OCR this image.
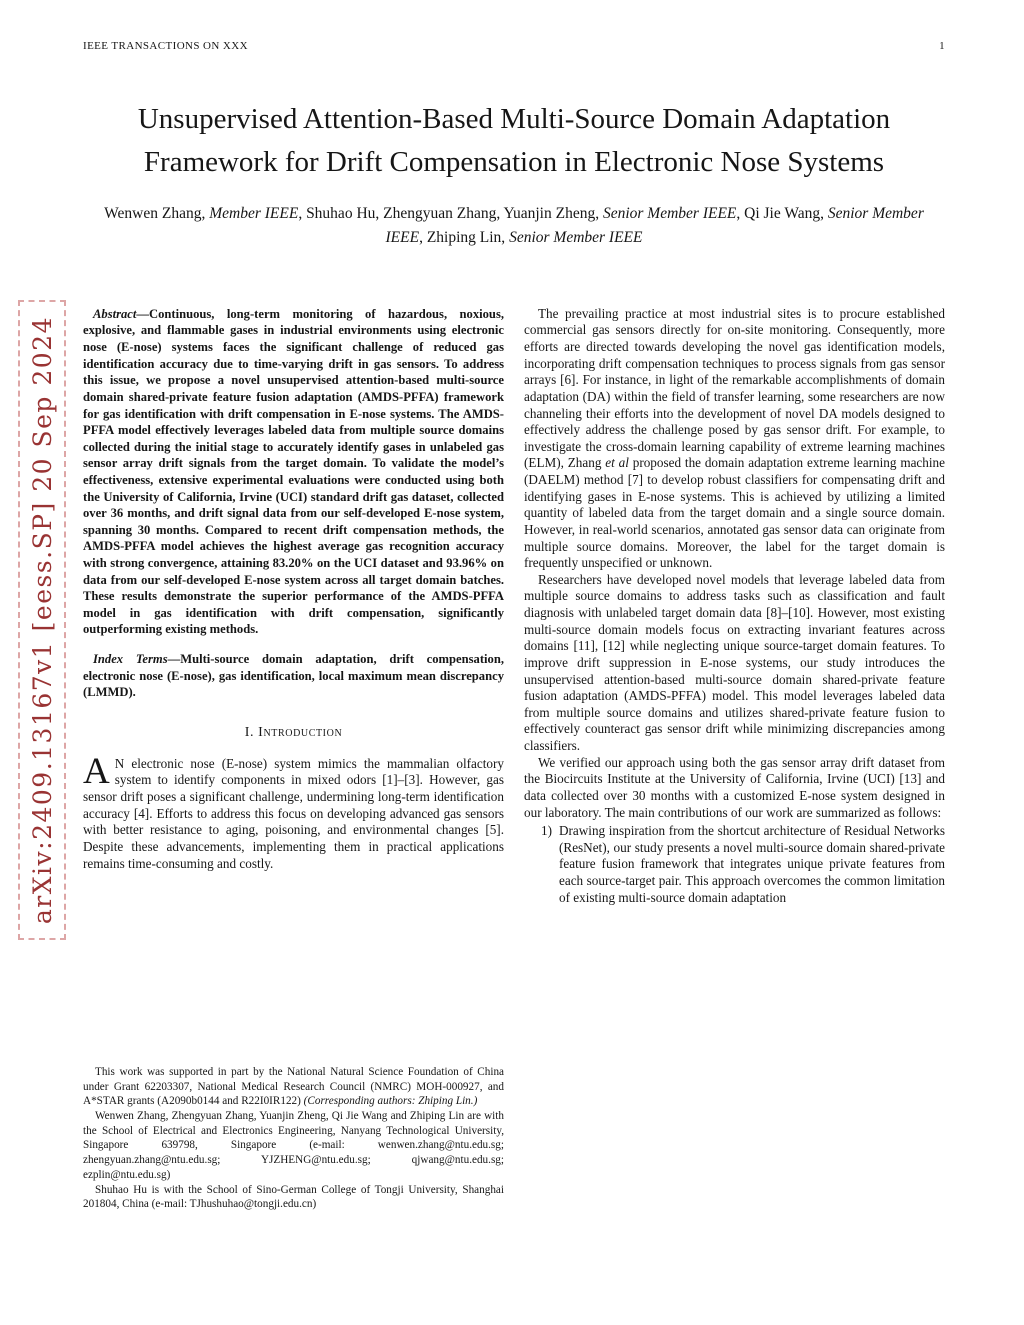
IEEE TRANSACTIONS ON XXX	1
arXiv:2409.13167v1 [eess.SP] 20 Sep 2024
Unsupervised Attention-Based Multi-Source Domain Adaptation Framework for Drift Compensation in Electronic Nose Systems
Wenwen Zhang, Member IEEE, Shuhao Hu, Zhengyuan Zhang, Yuanjin Zheng, Senior Member IEEE, Qi Jie Wang, Senior Member IEEE, Zhiping Lin, Senior Member IEEE

Abstract—Continuous, long-term monitoring of hazardous, noxious, explosive, and flammable gases in industrial environments using electronic nose (E-nose) systems faces the significant challenge of reduced gas identification accuracy due to time-varying drift in gas sensors. To address this issue, we propose a novel unsupervised attention-based multi-source domain shared-private feature fusion adaptation (AMDS-PFFA) framework for gas identification with drift compensation in E-nose systems. The AMDS-PFFA model effectively leverages labeled data from multiple source domains collected during the initial stage to accurately identify gases in unlabeled gas sensor array drift signals from the target domain. To validate the model’s effectiveness, extensive experimental evaluations were conducted using both the University of California, Irvine (UCI) standard drift gas dataset, collected over 36 months, and drift signal data from our self-developed E-nose system, spanning 30 months. Compared to recent drift compensation methods, the AMDS-PFFA model achieves the highest average gas recognition accuracy with strong convergence, attaining 83.20% on the UCI dataset and 93.96% on data from our self-developed E-nose system across all target domain batches. These results demonstrate the superior performance of the AMDS-PFFA model in gas identification with drift compensation, significantly outperforming existing methods.

Index Terms—Multi-source domain adaptation, drift compensation, electronic nose (E-nose), gas identification, local maximum mean discrepancy (LMMD).

I. Introduction

A N electronic nose (E-nose) system mimics the mammalian olfactory system to identify components in mixed odors [1]–[3]. However, gas sensor drift poses a significant challenge, undermining long-term identification accuracy [4]. Efforts to address this focus on developing advanced gas sensors with better resistance to aging, poisoning, and environmental changes [5]. Despite these advancements, implementing them in practical applications remains time-consuming and costly.

This work was supported in part by the National Natural Science Foundation of China under Grant 62203307, National Medical Research Council (NMRC) MOH-000927, and A*STAR grants (A2090b0144 and R22I0IR122) (Corresponding authors: Zhiping Lin.)

Wenwen Zhang, Zhengyuan Zhang, Yuanjin Zheng, Qi Jie Wang and Zhiping Lin are with the School of Electrical and Electronics Engineering, Nanyang Technological University, Singapore 639798, Singapore (e-mail: wenwen.zhang@ntu.edu.sg; zhengyuan.zhang@ntu.edu.sg; YJZHENG@ntu.edu.sg; qjwang@ntu.edu.sg; ezplin@ntu.edu.sg)

Shuhao Hu is with the School of Sino-German College of Tongji University, Shanghai 201804, China (e-mail: TJhushuhao@tongji.edu.cn)

The prevailing practice at most industrial sites is to procure established commercial gas sensors directly for on-site monitoring. Consequently, more efforts are directed towards developing the novel gas identification models, incorporating drift compensation techniques to process signals from gas sensor arrays [6]. For instance, in light of the remarkable accomplishments of domain adaptation (DA) within the field of transfer learning, some researchers are now channeling their efforts into the development of novel DA models designed to effectively address the challenge posed by gas sensor drift. For example, to investigate the cross-domain learning capability of extreme learning machines (ELM), Zhang et al proposed the domain adaptation extreme learning machine (DAELM) method [7] to develop robust classifiers for compensating drift and identifying gases in E-nose systems. This is achieved by utilizing a limited quantity of labeled data from the target domain and a single source domain. However, in real-world scenarios, annotated gas sensor data can originate from multiple source domains. Moreover, the label for the target domain is frequently unspecified or unknown.

Researchers have developed novel models that leverage labeled data from multiple source domains to address tasks such as classification and fault diagnosis with unlabeled target domain data [8]–[10]. However, most existing multi-source domain models focus on extracting invariant features across domains [11], [12] while neglecting unique source-target domain features. To improve drift suppression in E-nose systems, our study introduces the unsupervised attention-based multi-source domain shared-private feature fusion adaptation (AMDS-PFFA) model. This model leverages labeled data from multiple source domains and utilizes shared-private feature fusion to effectively counteract gas sensor drift while minimizing discrepancies among classifiers.

We verified our approach using both the gas sensor array drift dataset from the Biocircuits Institute at the University of California, Irvine (UCI) [13] and data collected over 30 months with a customized E-nose system designed in our laboratory. The main contributions of our work are summarized as follows:

1) Drawing inspiration from the shortcut architecture of Residual Networks (ResNet), our study presents a novel multi-source domain shared-private feature fusion framework that integrates unique private features from each source-target pair. This approach overcomes the common limitation of existing multi-source domain adaptation
